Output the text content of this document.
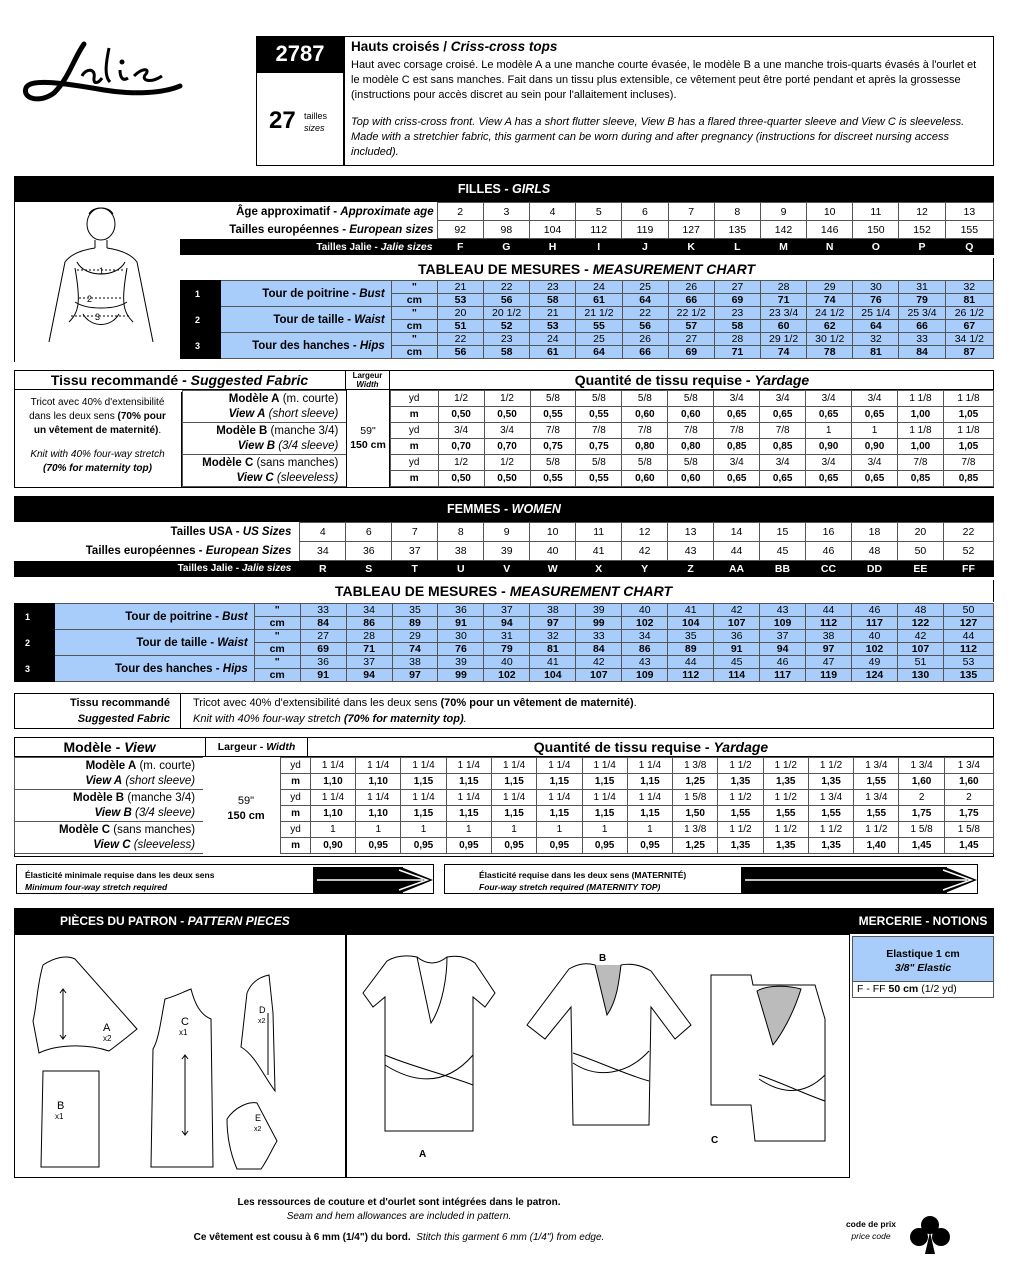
2787
27 tailles
sizes
Hauts croisés / Criss-cross tops
Haut avec corsage croisé. Le modèle A a une manche courte évasée, le modèle B a une manche trois-quarts évasés à l'ourlet et le modèle C est sans manches. Fait dans un tissu plus extensible, ce vêtement peut être porté pendant et après la grossesse (instructions pour accès discret au sein pour l'allaitement incluses).
Top with criss-cross front. View A has a short flutter sleeve, View B has a flared three-quarter sleeve and View C is sleeveless. Made with a stretchier fabric, this garment can be worn during and after pregnancy (instructions for discreet nursing access included).
FILLES - GIRLS
1
2
3
Âge approximatif - Approximate age	2	3	4	5	6	7	8	9	10	11	12	13
Tailles européennes - European sizes	92	98	104	112	119	127	135	142	146	150	152	155
Tailles Jalie - Jalie sizes	F	G	H	I	J	K	L	M	N	O	P	Q
TABLEAU DE MESURES - MEASUREMENT CHART
1	Tour de poitrine - Bust	"	21	22	23	24	25	26	27	28	29	30	31	32
		cm	53	56	58	61	64	66	69	71	74	76	79	81
2	Tour de taille - Waist	"	20	20 1/2	21	21 1/2	22	22 1/2	23	23 3/4	24 1/2	25 1/4	25 3/4	26 1/2
		cm	51	52	53	55	56	57	58	60	62	64	66	67
3	Tour des hanches - Hips	"	22	23	24	25	26	27	28	29 1/2	30 1/2	32	33	34 1/2
		cm	56	58	61	64	66	69	71	74	78	81	84	87
Tissu recommandé - Suggested Fabric	Largeur
Width	Quantité de tissu requise - Yardage
Tricot avec 40% d'extensibilité
dans les deux sens (70% pour
un vêtement de maternité).
Knit with 40% four-way stretch
(70% for maternity top)
59"
150 cm
Modèle A (m. courte)		yd	1/2	1/2	5/8	5/8	5/8	5/8	3/4	3/4	3/4	3/4	1 1/8	1 1/8
View A (short sleeve)		m	0,50	0,50	0,55	0,55	0,60	0,60	0,65	0,65	0,65	0,65	1,00	1,05
Modèle B (manche 3/4)		yd	3/4	3/4	7/8	7/8	7/8	7/8	7/8	7/8	1	1	1 1/8	1 1/8
View B (3/4 sleeve)		m	0,70	0,70	0,75	0,75	0,80	0,80	0,85	0,85	0,90	0,90	1,00	1,05
Modèle C (sans manches)		yd	1/2	1/2	5/8	5/8	5/8	5/8	3/4	3/4	3/4	3/4	7/8	7/8
View C (sleeveless)		m	0,50	0,50	0,55	0,55	0,60	0,60	0,65	0,65	0,65	0,65	0,85	0,85
FEMMES - WOMEN
Tailles USA - US Sizes	4	6	7	8	9	10	11	12	13	14	15	16	18	20	22
Tailles européennes - European Sizes	34	36	37	38	39	40	41	42	43	44	45	46	48	50	52
Tailles Jalie - Jalie sizes	R	S	T	U	V	W	X	Y	Z	AA	BB	CC	DD	EE	FF
TABLEAU DE MESURES - MEASUREMENT CHART
1	Tour de poitrine - Bust	"	33	34	35	36	37	38	39	40	41	42	43	44	46	48	50
		cm	84	86	89	91	94	97	99	102	104	107	109	112	117	122	127
2	Tour de taille - Waist	"	27	28	29	30	31	32	33	34	35	36	37	38	40	42	44
		cm	69	71	74	76	79	81	84	86	89	91	94	97	102	107	112
3	Tour des hanches - Hips	"	36	37	38	39	40	41	42	43	44	45	46	47	49	51	53
		cm	91	94	97	99	102	104	107	109	112	114	117	119	124	130	135
Tissu recommandé
Suggested Fabric
Tricot avec 40% d'extensibilité dans les deux sens (70% pour un vêtement de maternité).
Knit with 40% four-way stretch (70% for maternity top).
Modèle - View	Largeur - Width	Quantité de tissu requise - Yardage
59"
150 cm
Modèle A (m. courte)		yd	1 1/4	1 1/4	1 1/4	1 1/4	1 1/4	1 1/4	1 1/4	1 1/4	1 3/8	1 1/2	1 1/2	1 1/2	1 3/4	1 3/4	1 3/4
View A (short sleeve)		m	1,10	1,10	1,15	1,15	1,15	1,15	1,15	1,15	1,25	1,35	1,35	1,35	1,55	1,60	1,60
Modèle B (manche 3/4)		yd	1 1/4	1 1/4	1 1/4	1 1/4	1 1/4	1 1/4	1 1/4	1 1/4	1 5/8	1 1/2	1 1/2	1 3/4	1 3/4	2	2
View B (3/4 sleeve)		m	1,10	1,10	1,15	1,15	1,15	1,15	1,15	1,15	1,50	1,55	1,55	1,55	1,55	1,75	1,75
Modèle C (sans manches)		yd	1	1	1	1	1	1	1	1	1 3/8	1 1/2	1 1/2	1 1/2	1 1/2	1 5/8	1 5/8
View C (sleeveless)		m	0,90	0,95	0,95	0,95	0,95	0,95	0,95	0,95	1,25	1,35	1,35	1,35	1,40	1,45	1,45
Élasticité minimale requise dans les deux sens
Minimum four-way stretch required
Élasticité requise dans les deux sens (MATERNITÉ)
Four-way stretch required (MATERNITY TOP)
PIÈCES DU PATRON - PATTERN PIECES	MERCERIE - NOTIONS
A
x2
B
x1
C
x1
D
x2
E
x2
A
B
C
Elastique 1 cm
3/8" Elastic
F - FF 50 cm (1/2 yd)
Les ressources de couture et d'ourlet sont intégrées dans le patron.
Seam and hem allowances are included in pattern.
Ce vêtement est cousu à 6 mm (1/4") du bord. Stitch this garment 6 mm (1/4") from edge.
code de prix
price code
